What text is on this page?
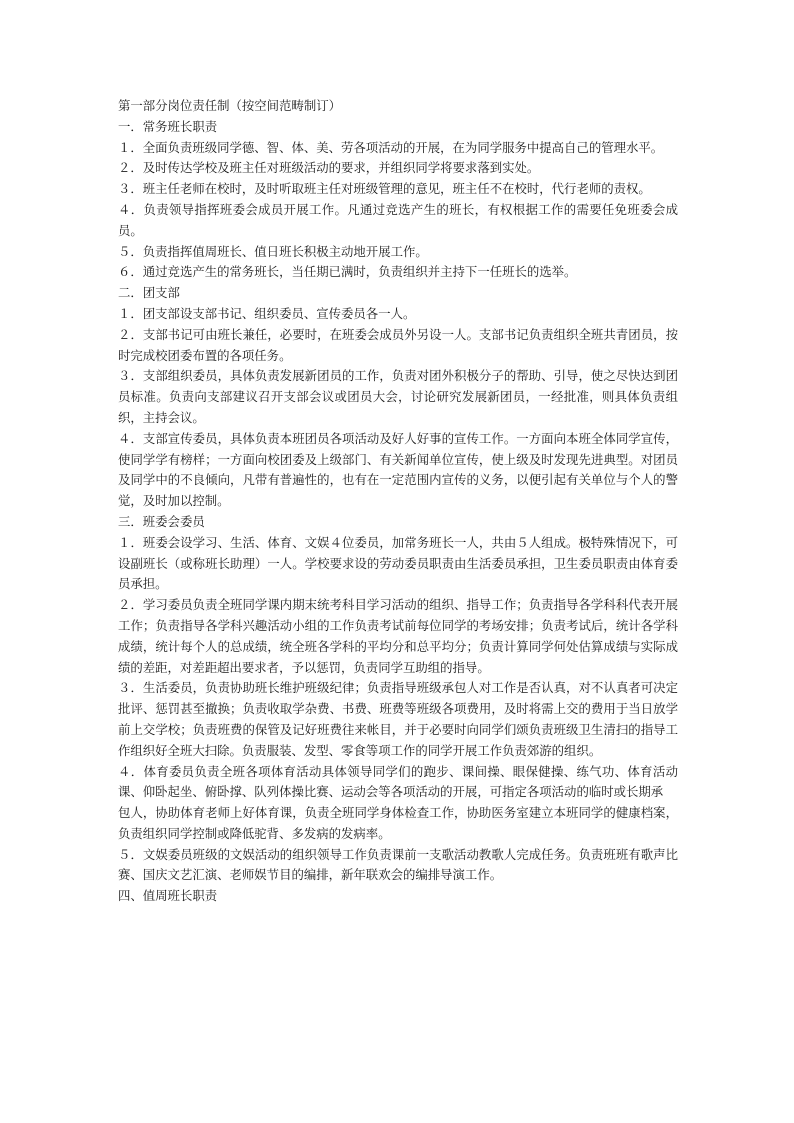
第一部分岗位责任制（按空间范畴制订）

一．常务班长职责

１．全面负责班级同学德、智、体、美、劳各项活动的开展，在为同学服务中提高自己的管理水平。

２．及时传达学校及班主任对班级活动的要求，并组织同学将要求落到实处。

３．班主任老师在校时，及时听取班主任对班级管理的意见，班主任不在校时，代行老师的责权。

４．负责领导指挥班委会成员开展工作。凡通过竞选产生的班长，有权根据工作的需要任免班委会成员。

５．负责指挥值周班长、值日班长积极主动地开展工作。

６．通过竞选产生的常务班长，当任期已满时，负责组织并主持下一任班长的选举。

二．团支部

１．团支部设支部书记、组织委员、宣传委员各一人。

２．支部书记可由班长兼任，必要时，在班委会成员外另设一人。支部书记负责组织全班共青团员，按时完成校团委布置的各项任务。

３．支部组织委员，具体负责发展新团员的工作，负责对团外积极分子的帮助、引导，使之尽快达到团员标准。负责向支部建议召开支部会议或团员大会，讨论研究发展新团员，一经批准，则具体负责组织，主持会议。

４．支部宣传委员，具体负责本班团员各项活动及好人好事的宣传工作。一方面向本班全体同学宣传，使同学学有榜样；一方面向校团委及上级部门、有关新闻单位宣传，使上级及时发现先进典型。对团员及同学中的不良倾向，凡带有普遍性的，也有在一定范围内宣传的义务，以便引起有关单位与个人的警觉，及时加以控制。

三．班委会委员

１．班委会设学习、生活、体育、文娱４位委员，加常务班长一人，共由５人组成。极特殊情况下，可设副班长（或称班长助理）一人。学校要求设的劳动委员职责由生活委员承担，卫生委员职责由体育委员承担。

２．学习委员负责全班同学课内期末统考科目学习活动的组织、指导工作；负责指导各学科科代表开展工作；负责指导各学科兴趣活动小组的工作负责考试前每位同学的考场安排；负责考试后，统计各学科成绩，统计每个人的总成绩，统全班各学科的平均分和总平均分；负责计算同学何处估算成绩与实际成绩的差距，对差距超出要求者，予以惩罚，负责同学互助组的指导。

３．生活委员，负责协助班长维护班级纪律；负责指导班级承包人对工作是否认真，对不认真者可决定批评、惩罚甚至撤换；负责收取学杂费、书费、班费等班级各项费用，及时将需上交的费用于当日放学前上交学校；负责班费的保管及记好班费往来帐目，并于必要时向同学们颂负责班级卫生清扫的指导工作组织好全班大扫除。负责服装、发型、零食等项工作的同学开展工作负责郊游的组织。

４．体育委员负责全班各项体育活动具体领导同学们的跑步、课间操、眼保健操、练气功、体育活动课、仰卧起坐、俯卧撑、队列体操比赛、运动会等各项活动的开展，可指定各项活动的临时或长期承

包人，协助体育老师上好体育课，负责全班同学身体检查工作，协助医务室建立本班同学的健康档案，负责组织同学控制或降低驼背、多发病的发病率。

５．文娱委员班级的文娱活动的组织领导工作负责课前一支歌活动教歌人完成任务。负责班班有歌声比赛、国庆文艺汇演、老师娱节目的编排，新年联欢会的编排导演工作。

四、值周班长职责
